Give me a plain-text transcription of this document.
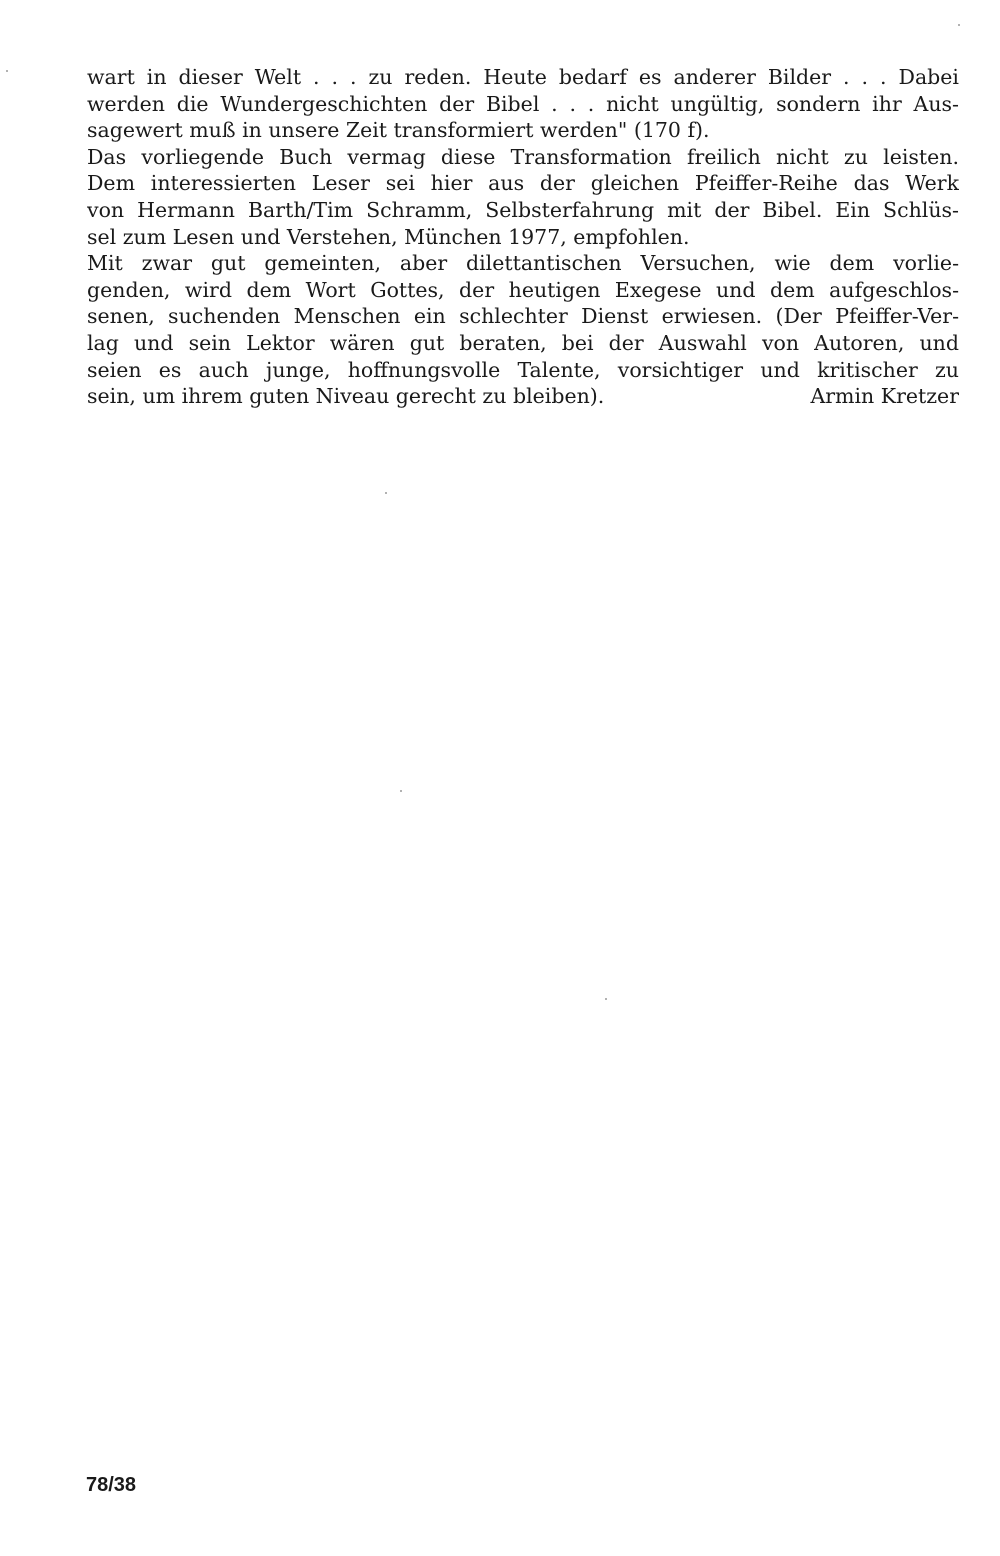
wart in dieser Welt . . . zu reden. Heute bedarf es anderer Bilder . . . Dabei
werden die Wundergeschichten der Bibel . . . nicht ungültig, sondern ihr Aus-
sagewert muß in unsere Zeit transformiert werden" (170 f).
Das vorliegende Buch vermag diese Transformation freilich nicht zu leisten.
Dem interessierten Leser sei hier aus der gleichen Pfeiffer-Reihe das Werk
von Hermann Barth/Tim Schramm, Selbsterfahrung mit der Bibel. Ein Schlüs-
sel zum Lesen und Verstehen, München 1977, empfohlen.
Mit zwar gut gemeinten, aber dilettantischen Versuchen, wie dem vorlie-
genden, wird dem Wort Gottes, der heutigen Exegese und dem aufgeschlos-
senen, suchenden Menschen ein schlechter Dienst erwiesen. (Der Pfeiffer-Ver-
lag und sein Lektor wären gut beraten, bei der Auswahl von Autoren, und
seien es auch junge, hoffnungsvolle Talente, vorsichtiger und kritischer zu
sein, um ihrem guten Niveau gerecht zu bleiben).	Armin Kretzer
78/38
